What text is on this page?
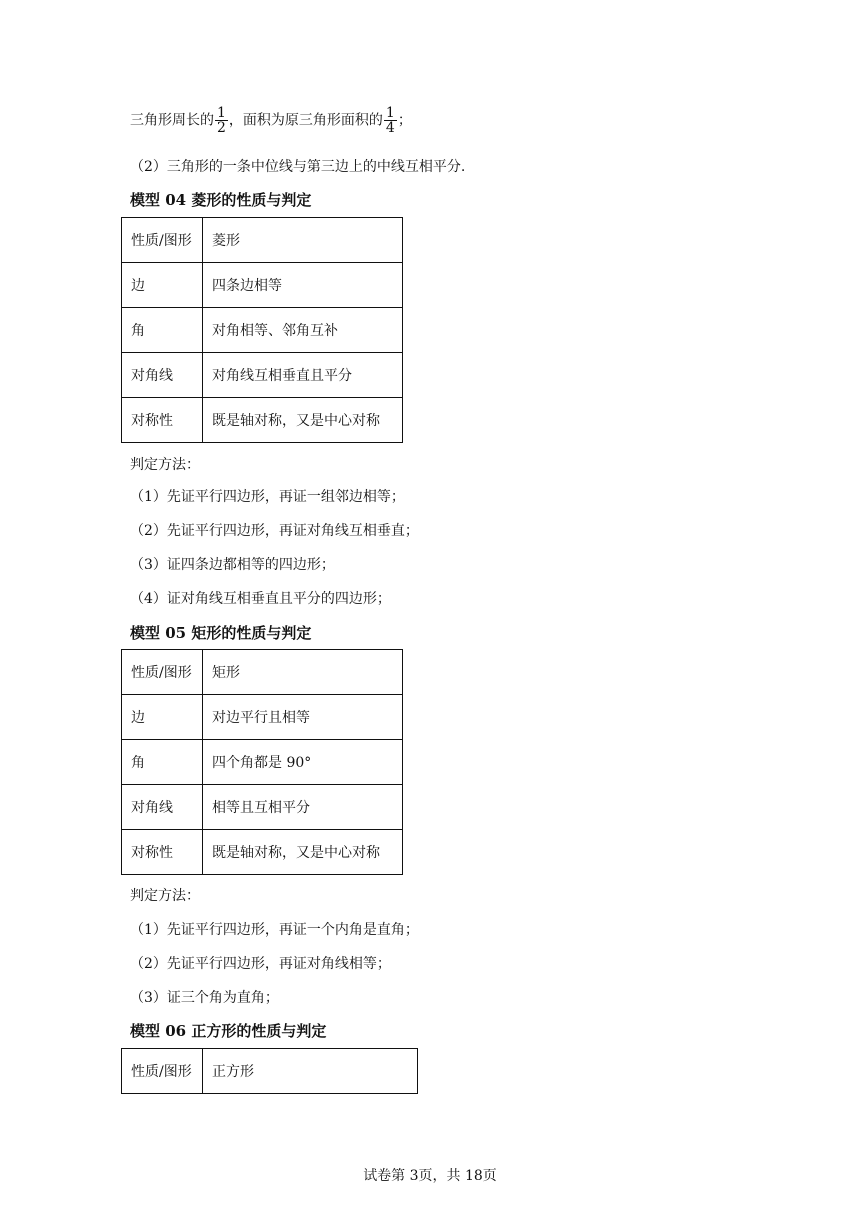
三角形周长的 $\frac{1}{2}$ ，面积为原三角形面积的 $\frac{1}{4}$ ；
（2）三角形的一条中位线与第三边上的中线互相平分.
模型 04 菱形的性质与判定
性质/图形	菱形
边	四条边相等
角	对角相等、邻角互补
对角线	对角线互相垂直且平分
对称性	既是轴对称，又是中心对称
判定方法：
（1）先证平行四边形，再证一组邻边相等；
（2）先证平行四边形，再证对角线互相垂直；
（3）证四条边都相等的四边形；
（4）证对角线互相垂直且平分的四边形；
模型 05 矩形的性质与判定
性质/图形	矩形
边	对边平行且相等
角	四个角都是 90°
对角线	相等且互相平分
对称性	既是轴对称，又是中心对称
判定方法：
（1）先证平行四边形，再证一个内角是直角；
（2）先证平行四边形，再证对角线相等；
（3）证三个角为直角；
模型 06 正方形的性质与判定
性质/图形	正方形
试卷第 3页，共 18页
